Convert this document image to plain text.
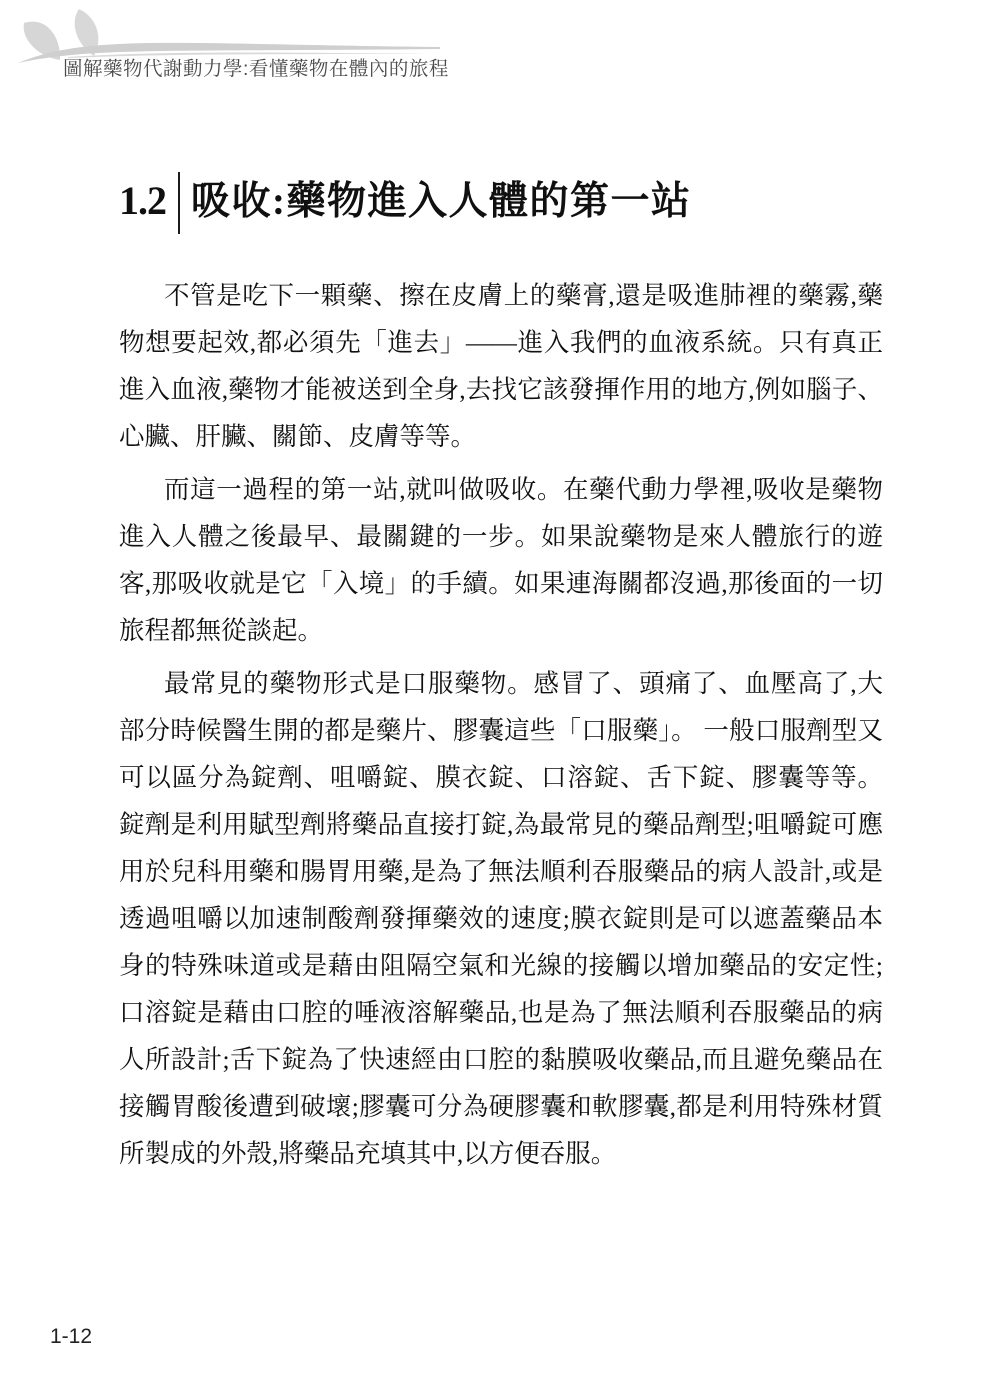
圖解藥物代謝動力學:看懂藥物在體內的旅程
1.2 吸收:藥物進入人體的第一站

不管是吃下一顆藥、擦在皮膚上的藥膏,還是吸進肺裡的藥霧,藥物想要起效,都必須先「進去」——進入我們的血液系統。只有真正進入血液,藥物才能被送到全身,去找它該發揮作用的地方,例如腦子、心臟、肝臟、關節、皮膚等等。

而這一過程的第一站,就叫做吸收。在藥代動力學裡,吸收是藥物進入人體之後最早、最關鍵的一步。如果說藥物是來人體旅行的遊客,那吸收就是它「入境」的手續。如果連海關都沒過,那後面的一切旅程都無從談起。

最常見的藥物形式是口服藥物。感冒了、頭痛了、血壓高了,大部分時候醫生開的都是藥片、膠囊這些「口服藥」。 一般口服劑型又可以區分為錠劑、咀嚼錠、膜衣錠、口溶錠、舌下錠、膠囊等等。錠劑是利用賦型劑將藥品直接打錠,為最常見的藥品劑型;咀嚼錠可應用於兒科用藥和腸胃用藥,是為了無法順利吞服藥品的病人設計,或是透過咀嚼以加速制酸劑發揮藥效的速度;膜衣錠則是可以遮蓋藥品本身的特殊味道或是藉由阻隔空氣和光線的接觸以增加藥品的安定性;口溶錠是藉由口腔的唾液溶解藥品,也是為了無法順利吞服藥品的病人所設計;舌下錠為了快速經由口腔的黏膜吸收藥品,而且避免藥品在接觸胃酸後遭到破壞;膠囊可分為硬膠囊和軟膠囊,都是利用特殊材質所製成的外殼,將藥品充填其中,以方便吞服。

1-12
